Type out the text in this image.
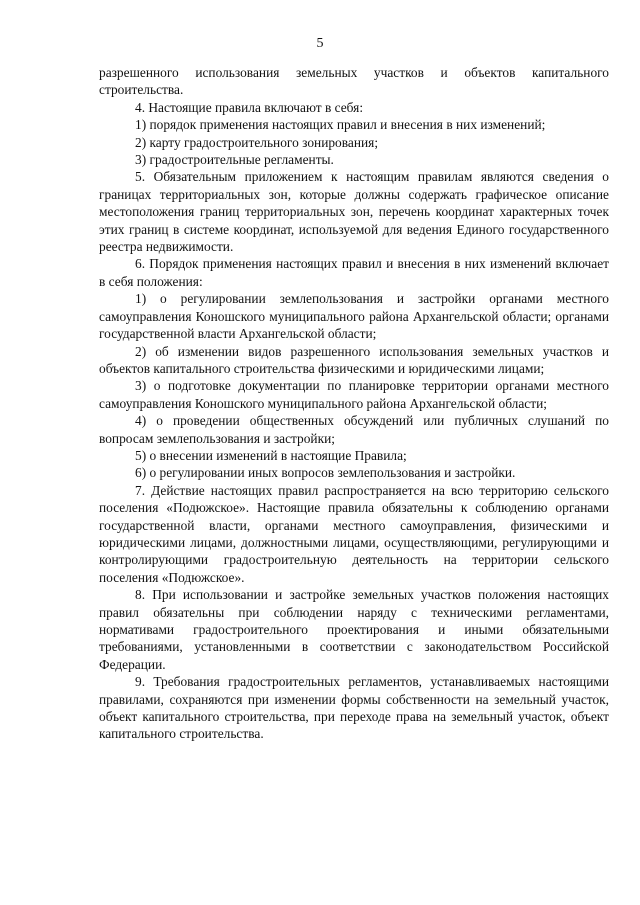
5

разрешенного использования земельных участков и объектов капитального строительства.

4. Настоящие правила включают в себя:

1) порядок применения настоящих правил и внесения в них изменений;

2) карту градостроительного зонирования;

3) градостроительные регламенты.

5. Обязательным приложением к настоящим правилам являются сведения о границах территориальных зон, которые должны содержать графическое описание местоположения границ территориальных зон, перечень координат характерных точек этих границ в системе координат, используемой для ведения Единого государственного реестра недвижимости.

6. Порядок применения настоящих правил и внесения в них изменений включает в себя положения:

1) о регулировании землепользования и застройки органами местного самоуправления Коношского муниципального района Архангельской области; органами государственной власти Архангельской области;

2) об изменении видов разрешенного использования земельных участков и объектов капитального строительства физическими и юридическими лицами;

3) о подготовке документации по планировке территории органами местного самоуправления Коношского муниципального района Архангельской области;

4) о проведении общественных обсуждений или публичных слушаний по вопросам землепользования и застройки;

5) о внесении изменений в настоящие Правила;

6) о регулировании иных вопросов землепользования и застройки.

7. Действие настоящих правил распространяется на всю территорию сельского поселения «Подюжское». Настоящие правила обязательны к соблюдению органами государственной власти, органами местного самоуправления, физическими и юридическими лицами, должностными лицами, осуществляющими, регулирующими и контролирующими градостроительную деятельность на территории сельского поселения «Подюжское».

8. При использовании и застройке земельных участков положения настоящих правил обязательны при соблюдении наряду с техническими регламентами, нормативами градостроительного проектирования и иными обязательными требованиями, установленными в соответствии с законодательством Российской Федерации.

9. Требования градостроительных регламентов, устанавливаемых настоящими правилами, сохраняются при изменении формы собственности на земельный участок, объект капитального строительства, при переходе права на земельный участок, объект капитального строительства.
